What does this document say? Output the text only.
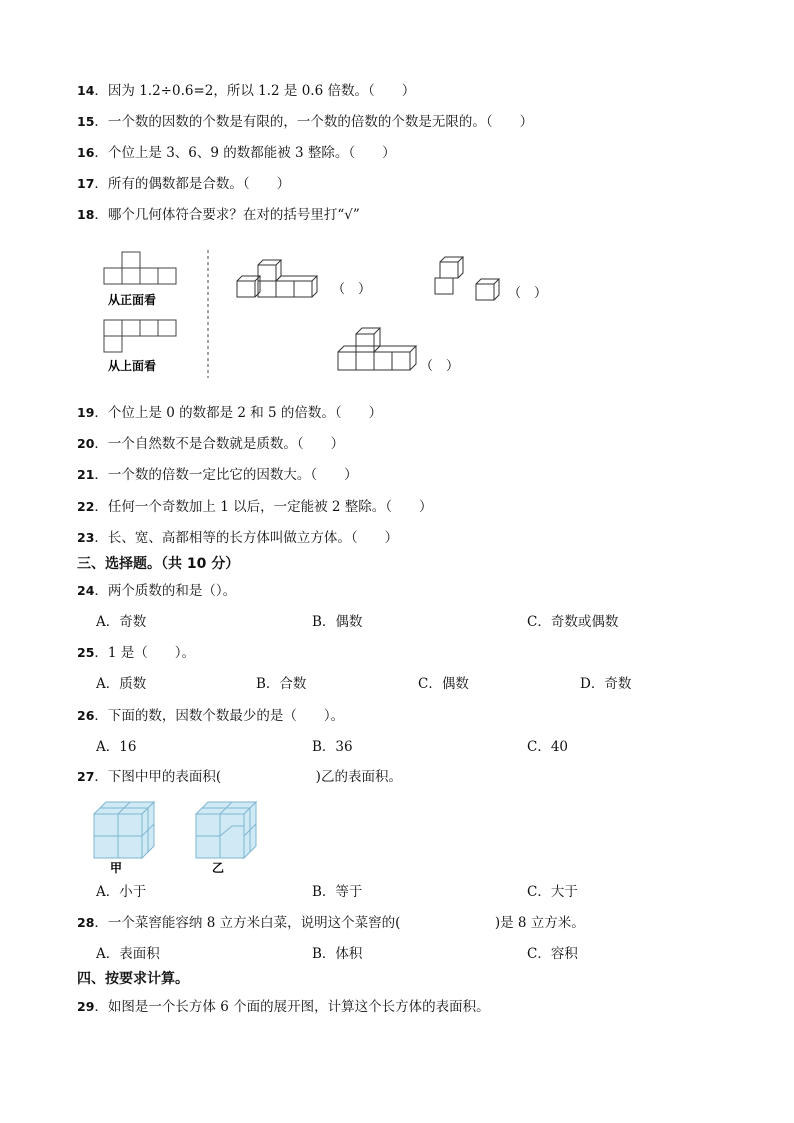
14．因为 1.2÷0.6=2，所以 1.2 是 0.6 倍数。（　　）
15．一个数的因数的个数是有限的，一个数的倍数的个数是无限的。（　　）
16．个位上是 3、6、9 的数都能被 3 整除。（　　）
17．所有的偶数都是合数。（　　）
18．哪个几何体符合要求？在对的括号里打“√”
从正面看
从上面看
（　）	（　）
（　）
19．个位上是 0 的数都是 2 和 5 的倍数。（　　）
20．一个自然数不是合数就是质数。（　　）
21．一个数的倍数一定比它的因数大。（　　）
22．任何一个奇数加上 1 以后，一定能被 2 整除。（　　）
23．长、宽、高都相等的长方体叫做立方体。（　　）
三、选择题。（共 10 分）
24．两个质数的和是（）。
A．奇数	B．偶数	C．奇数或偶数
25．1 是（　　）。
A．质数	B．合数	C．偶数	D．奇数
26．下面的数，因数个数最少的是（　　）。
A．16	B．36	C．40
27．下图中甲的表面积(　　　　　　　)乙的表面积。
甲	乙
A．小于	B．等于	C．大于
28．一个菜窖能容纳 8 立方米白菜，说明这个菜窖的(　　　　　　　)是 8 立方米。
A．表面积	B．体积	C．容积
四、按要求计算。
29．如图是一个长方体 6 个面的展开图，计算这个长方体的表面积。
